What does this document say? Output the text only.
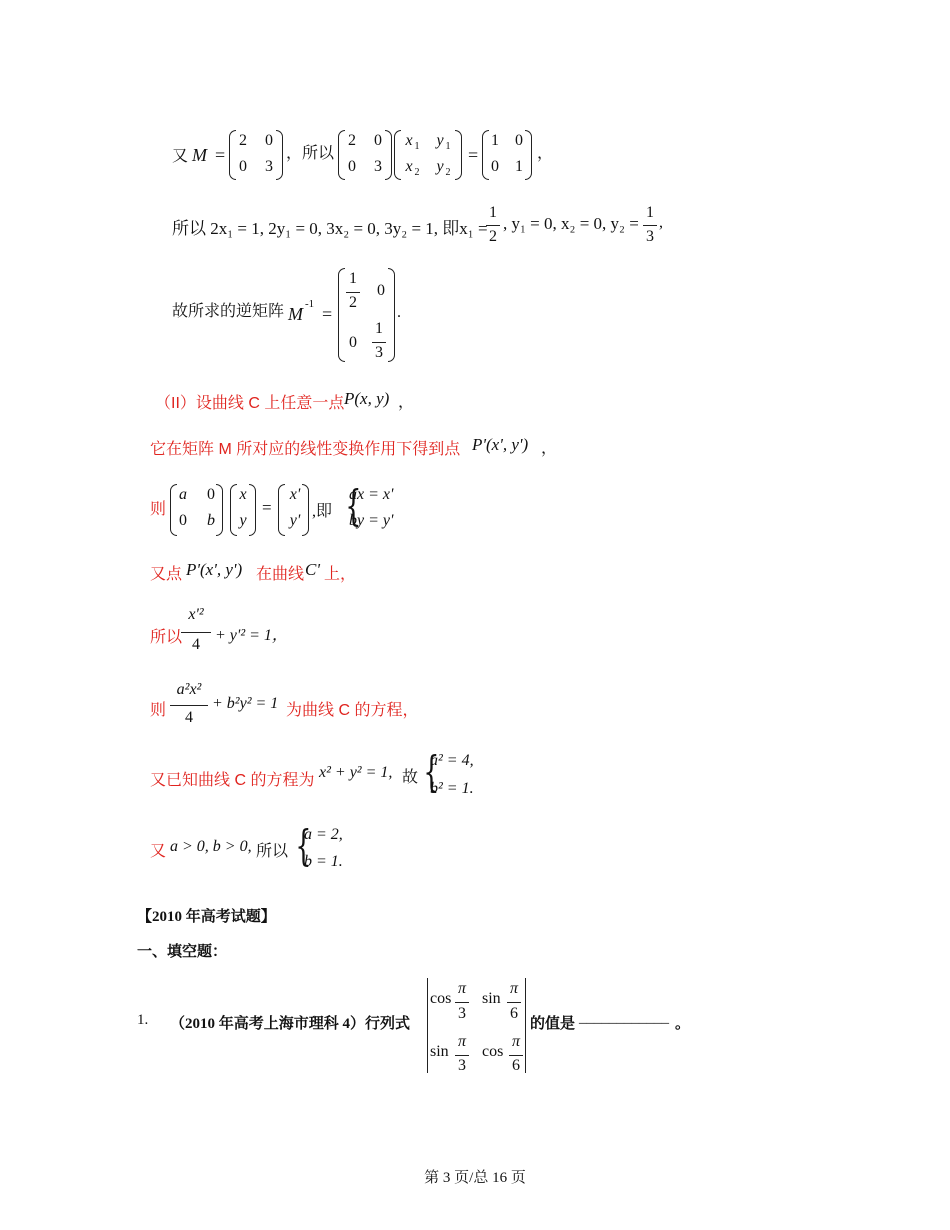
又 M =
2 0
0 3
，所以
2 0
0 3
x 1 y 1
x 2 y 2
=
1 0
0 1
，
所以 2x₁ = 1, 2y₁ = 0, 3x₂ = 0, 3y₂ = 1, 即x₁ =
1
2
, y₁ = 0, x₂ = 0, y₂ =
1
3
,
故所求的逆矩阵 M -1 =
1
2
0
0
1
3
.
（II）设曲线 C 上任意一点 P(x, y) ，
它在矩阵 M 所对应的线性变换作用下得到点 P'(x', y') ，
则
a 0
0 b
x
y
=
x'
y'
,即 {
ax = x'
by = y'
又点 P'(x', y') 在曲线 C' 上，
所以
x'²
4
+ y'² = 1，
则
a²x²
4
+ b²y² = 1 为曲线 C 的方程，
又已知曲线 C 的方程为 x² + y² = 1, 故 {
a² = 4,
b² = 1.
又 a > 0, b > 0, 所以 {
a = 2,
b = 1.
【2010 年高考试题】
一、填空题：
1. （2010 年高考上海市理科 4）行列式
cos
π
3
sin
π
6
sin
π
3
cos
π
6
的值是 ____________ 。
第 3 页/总 16 页
